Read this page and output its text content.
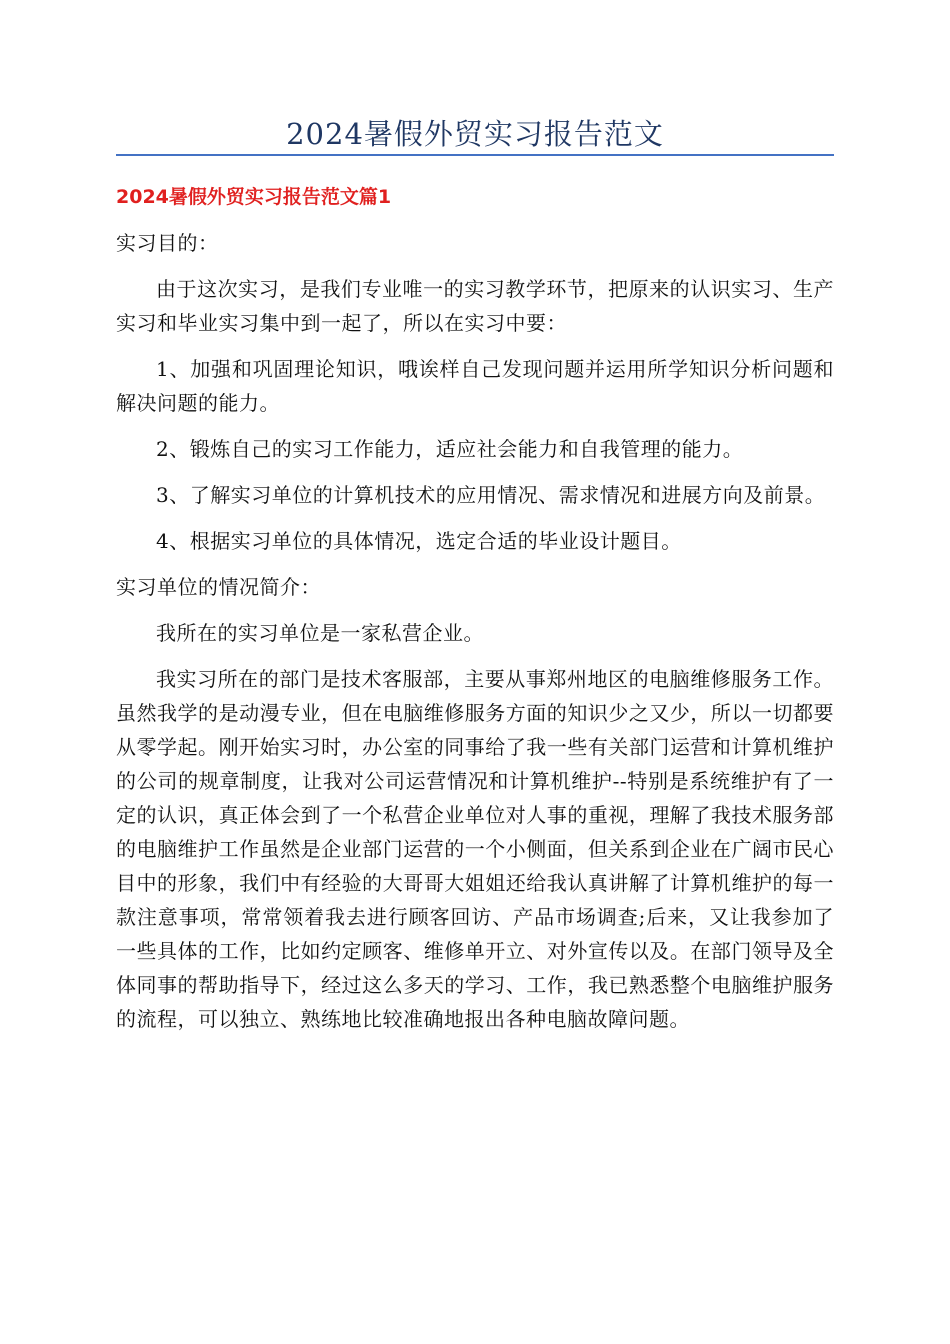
2024暑假外贸实习报告范文
2024暑假外贸实习报告范文篇1

实习目的：

由于这次实习，是我们专业唯一的实习教学环节，把原来的认识实习、生产实习和毕业实习集中到一起了，所以在实习中要：

1、加强和巩固理论知识，哦诶样自己发现问题并运用所学知识分析问题和解决问题的能力。

2、锻炼自己的实习工作能力，适应社会能力和自我管理的能力。

3、了解实习单位的计算机技术的应用情况、需求情况和进展方向及前景。

4、根据实习单位的具体情况，选定合适的毕业设计题目。

实习单位的情况简介：

我所在的实习单位是一家私营企业。

我实习所在的部门是技术客服部，主要从事郑州地区的电脑维修服务工作。虽然我学的是动漫专业，但在电脑维修服务方面的知识少之又少，所以一切都要从零学起。刚开始实习时，办公室的同事给了我一些有关部门运营和计算机维护的公司的规章制度，让我对公司运营情况和计算机维护--特别是系统维护有了一定的认识，真正体会到了一个私营企业单位对人事的重视，理解了我技术服务部的电脑维护工作虽然是企业部门运营的一个小侧面，但关系到企业在广阔市民心目中的形象，我们中有经验的大哥哥大姐姐还给我认真讲解了计算机维护的每一款注意事项，常常领着我去进行顾客回访、产品市场调查;后来，又让我参加了一些具体的工作，比如约定顾客、维修单开立、对外宣传以及。在部门领导及全体同事的帮助指导下，经过这么多天的学习、工作，我已熟悉整个电脑维护服务的流程，可以独立、熟练地比较准确地报出各种电脑故障问题。
